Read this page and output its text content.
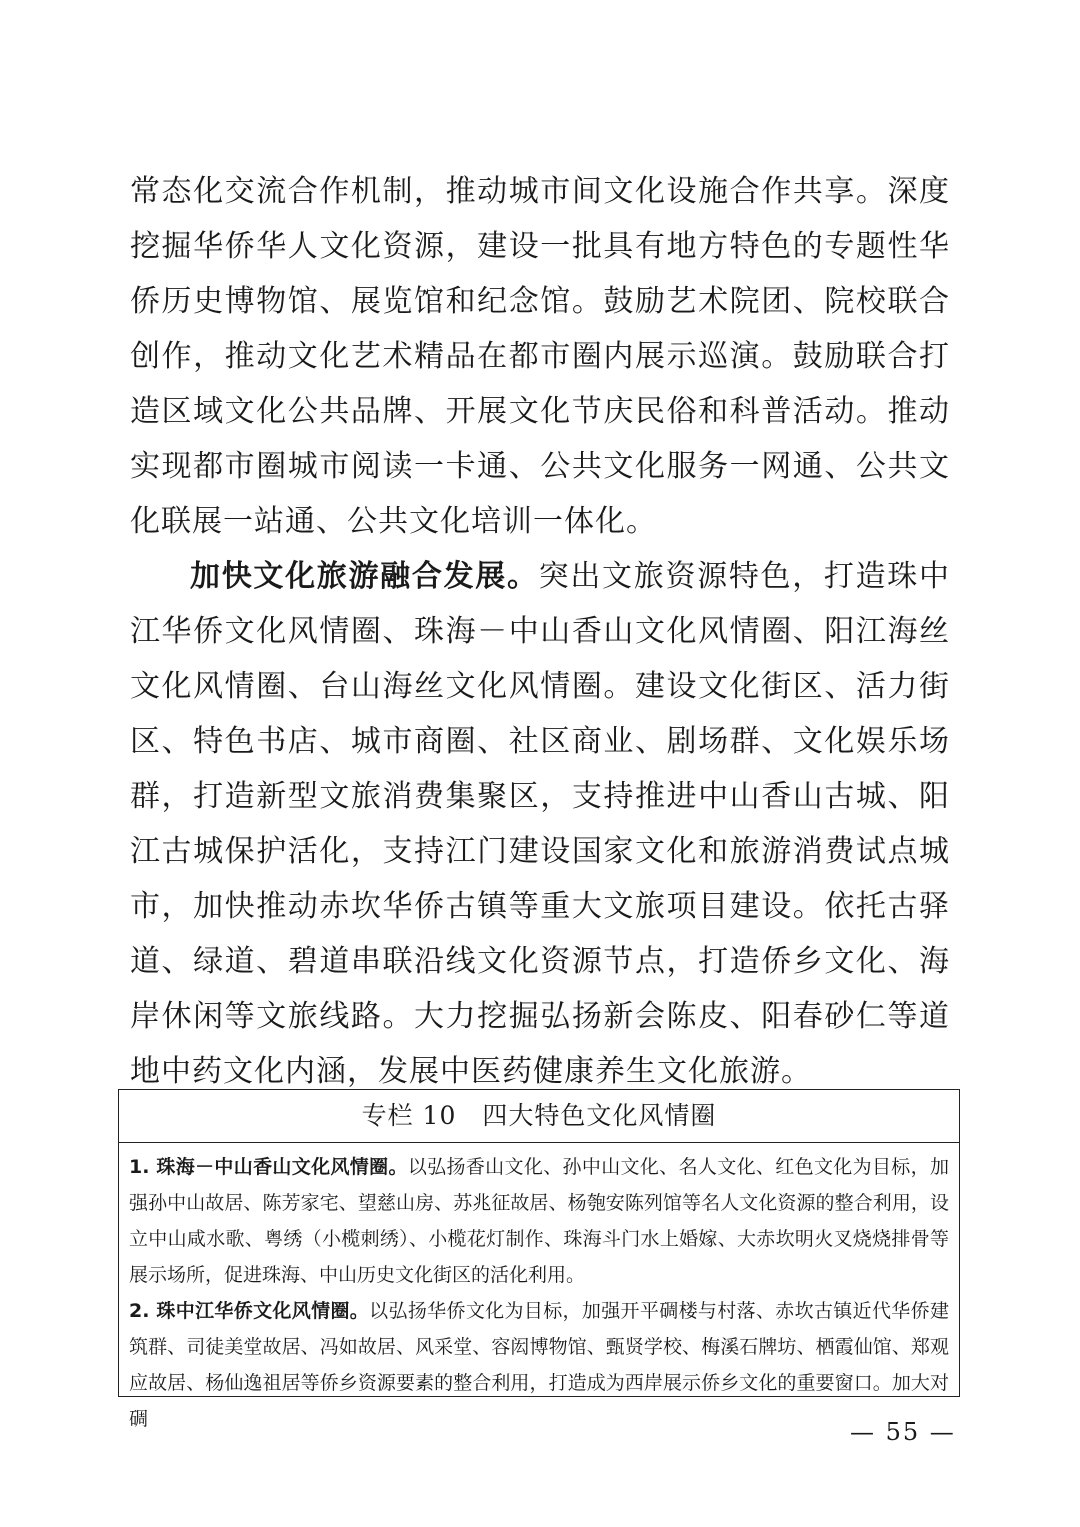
常态化交流合作机制，推动城市间文化设施合作共享。深度挖掘华侨华人文化资源，建设一批具有地方特色的专题性华侨历史博物馆、展览馆和纪念馆。鼓励艺术院团、院校联合创作，推动文化艺术精品在都市圈内展示巡演。鼓励联合打造区域文化公共品牌、开展文化节庆民俗和科普活动。推动实现都市圈城市阅读一卡通、公共文化服务一网通、公共文化联展一站通、公共文化培训一体化。

加快文化旅游融合发展。突出文旅资源特色，打造珠中江华侨文化风情圈、珠海－中山香山文化风情圈、阳江海丝文化风情圈、台山海丝文化风情圈。建设文化街区、活力街区、特色书店、城市商圈、社区商业、剧场群、文化娱乐场群，打造新型文旅消费集聚区，支持推进中山香山古城、阳江古城保护活化，支持江门建设国家文化和旅游消费试点城市，加快推动赤坎华侨古镇等重大文旅项目建设。依托古驿道、绿道、碧道串联沿线文化资源节点，打造侨乡文化、海岸休闲等文旅线路。大力挖掘弘扬新会陈皮、阳春砂仁等道地中药文化内涵，发展中医药健康养生文化旅游。

专栏 10　四大特色文化风情圈

1. 珠海－中山香山文化风情圈。以弘扬香山文化、孙中山文化、名人文化、红色文化为目标，加强孙中山故居、陈芳家宅、望慈山房、苏兆征故居、杨匏安陈列馆等名人文化资源的整合利用，设立中山咸水歌、粤绣（小榄刺绣）、小榄花灯制作、珠海斗门水上婚嫁、大赤坎明火叉烧烧排骨等展示场所，促进珠海、中山历史文化街区的活化利用。

2. 珠中江华侨文化风情圈。以弘扬华侨文化为目标，加强开平碉楼与村落、赤坎古镇近代华侨建筑群、司徒美堂故居、冯如故居、风采堂、容闳博物馆、甄贤学校、梅溪石牌坊、栖霞仙馆、郑观应故居、杨仙逸祖居等侨乡资源要素的整合利用，打造成为西岸展示侨乡文化的重要窗口。加大对碉	— 55 —
